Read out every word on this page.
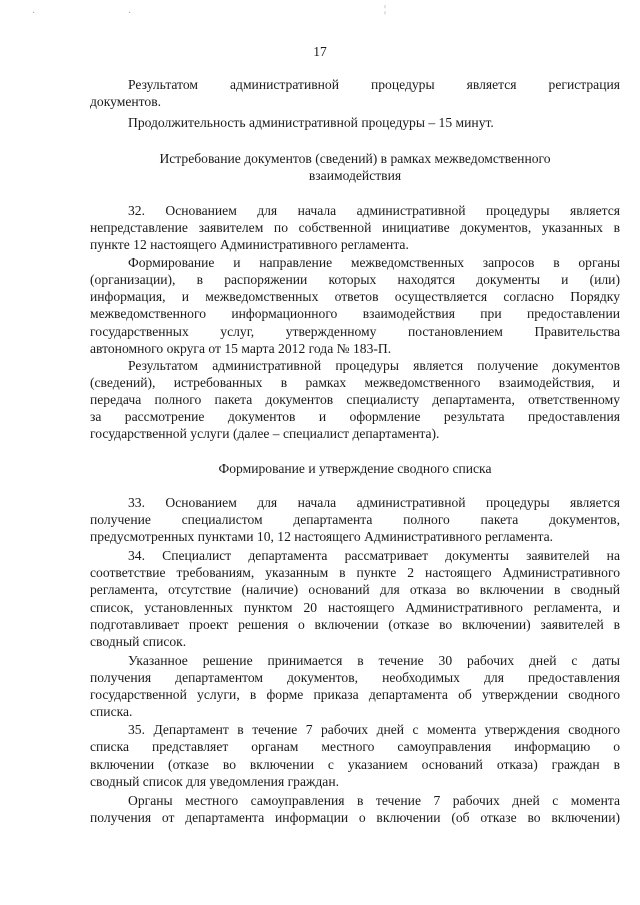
·	·	¦
17
Результатом административной процедуры является регистрация
документов.
Продолжительность административной процедуры – 15 минут.
Истребование документов (сведений) в рамках межведомственного
взаимодействия
32. Основанием для начала административной процедуры является
непредставление заявителем по собственной инициативе документов, указанных в
пункте 12 настоящего Административного регламента.
Формирование и направление межведомственных запросов в органы
(организации), в распоряжении которых находятся документы и (или)
информация, и межведомственных ответов осуществляется согласно Порядку
межведомственного информационного взаимодействия при предоставлении
государственных услуг, утвержденному постановлением Правительства
автономного округа от 15 марта 2012 года № 183-П.
Результатом административной процедуры является получение документов
(сведений), истребованных в рамках межведомственного взаимодействия, и
передача полного пакета документов специалисту департамента, ответственному
за рассмотрение документов и оформление результата предоставления
государственной услуги (далее – специалист департамента).
Формирование и утверждение сводного списка
33. Основанием для начала административной процедуры является
получение специалистом департамента полного пакета документов,
предусмотренных пунктами 10, 12 настоящего Административного регламента.
34. Специалист департамента рассматривает документы заявителей на
соответствие требованиям, указанным в пункте 2 настоящего Административного
регламента, отсутствие (наличие) оснований для отказа во включении в сводный
список, установленных пунктом 20 настоящего Административного регламента, и
подготавливает проект решения о включении (отказе во включении) заявителей в
сводный список.
Указанное решение принимается в течение 30 рабочих дней с даты
получения департаментом документов, необходимых для предоставления
государственной услуги, в форме приказа департамента об утверждении сводного
списка.
35. Департамент в течение 7 рабочих дней с момента утверждения сводного
списка представляет органам местного самоуправления информацию о
включении (отказе во включении с указанием оснований отказа) граждан в
сводный список для уведомления граждан.
Органы местного самоуправления в течение 7 рабочих дней с момента
получения от департамента информации о включении (об отказе во включении)
